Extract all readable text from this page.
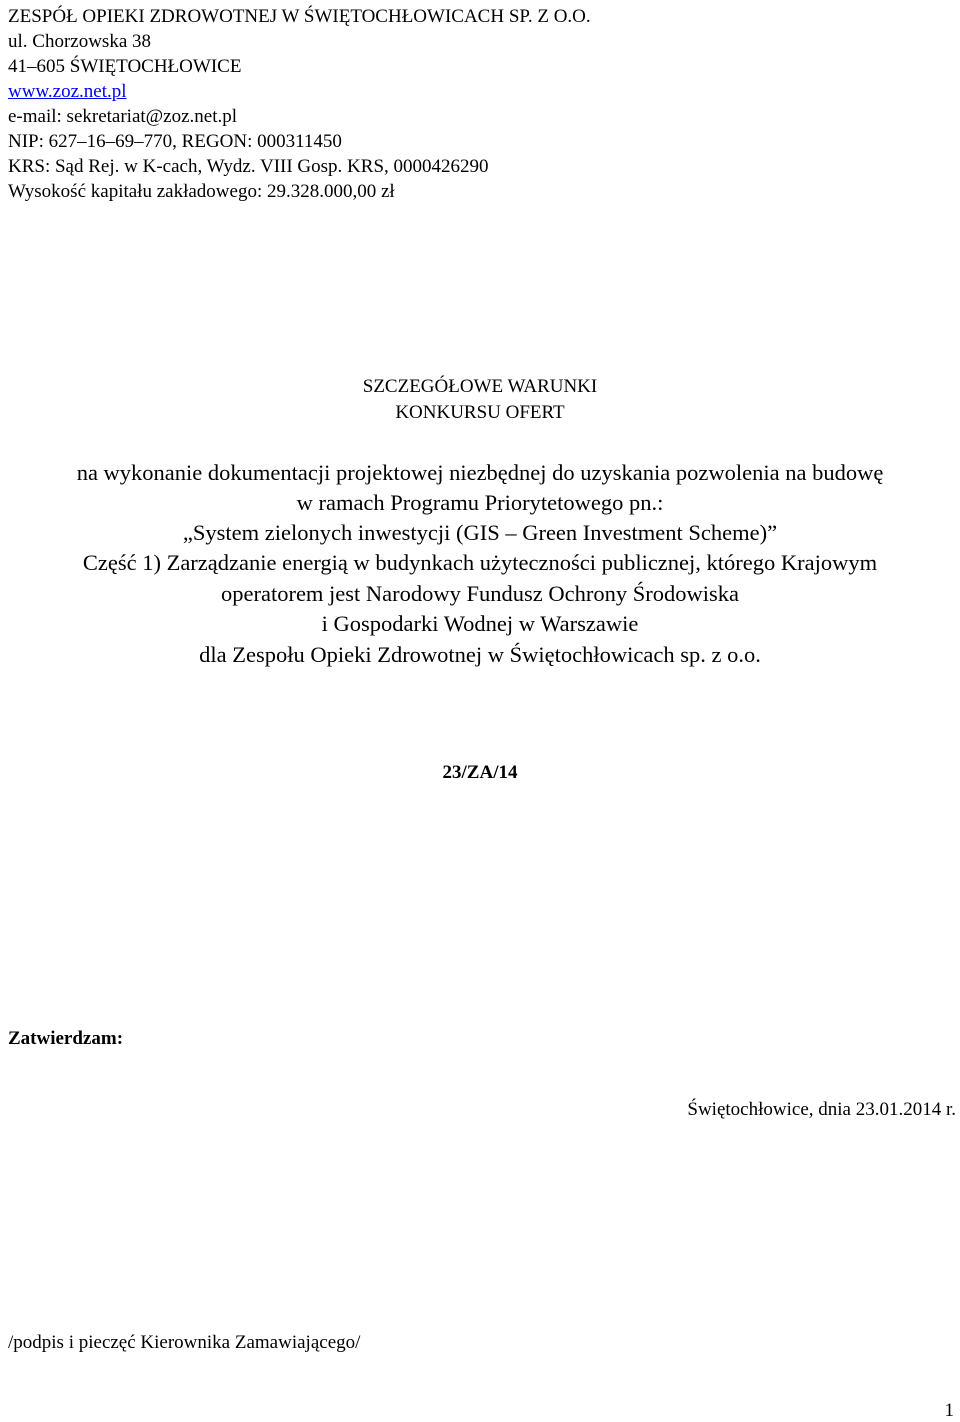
ZESPÓŁ OPIEKI ZDROWOTNEJ W ŚWIĘTOCHŁOWICACH SP. Z O.O.
ul. Chorzowska 38
41–605 ŚWIĘTOCHŁOWICE
www.zoz.net.pl
e-mail: sekretariat@zoz.net.pl
NIP: 627–16–69–770, REGON: 000311450
KRS: Sąd Rej. w K-cach, Wydz. VIII Gosp. KRS, 0000426290
Wysokość kapitału zakładowego: 29.328.000,00 zł
SZCZEGÓŁOWE WARUNKI
KONKURSU OFERT
na wykonanie dokumentacji projektowej niezbędnej do uzyskania pozwolenia na budowę
w ramach Programu Priorytetowego pn.:
„System zielonych inwestycji (GIS – Green Investment Scheme)”
Część 1) Zarządzanie energią w budynkach użyteczności publicznej, którego Krajowym
operatorem jest Narodowy Fundusz Ochrony Środowiska
i Gospodarki Wodnej w Warszawie
dla Zespołu Opieki Zdrowotnej w Świętochłowicach sp. z o.o.
23/ZA/14
Zatwierdzam:
Świętochłowice, dnia 23.01.2014 r.
/podpis i pieczęć Kierownika Zamawiającego/
1
